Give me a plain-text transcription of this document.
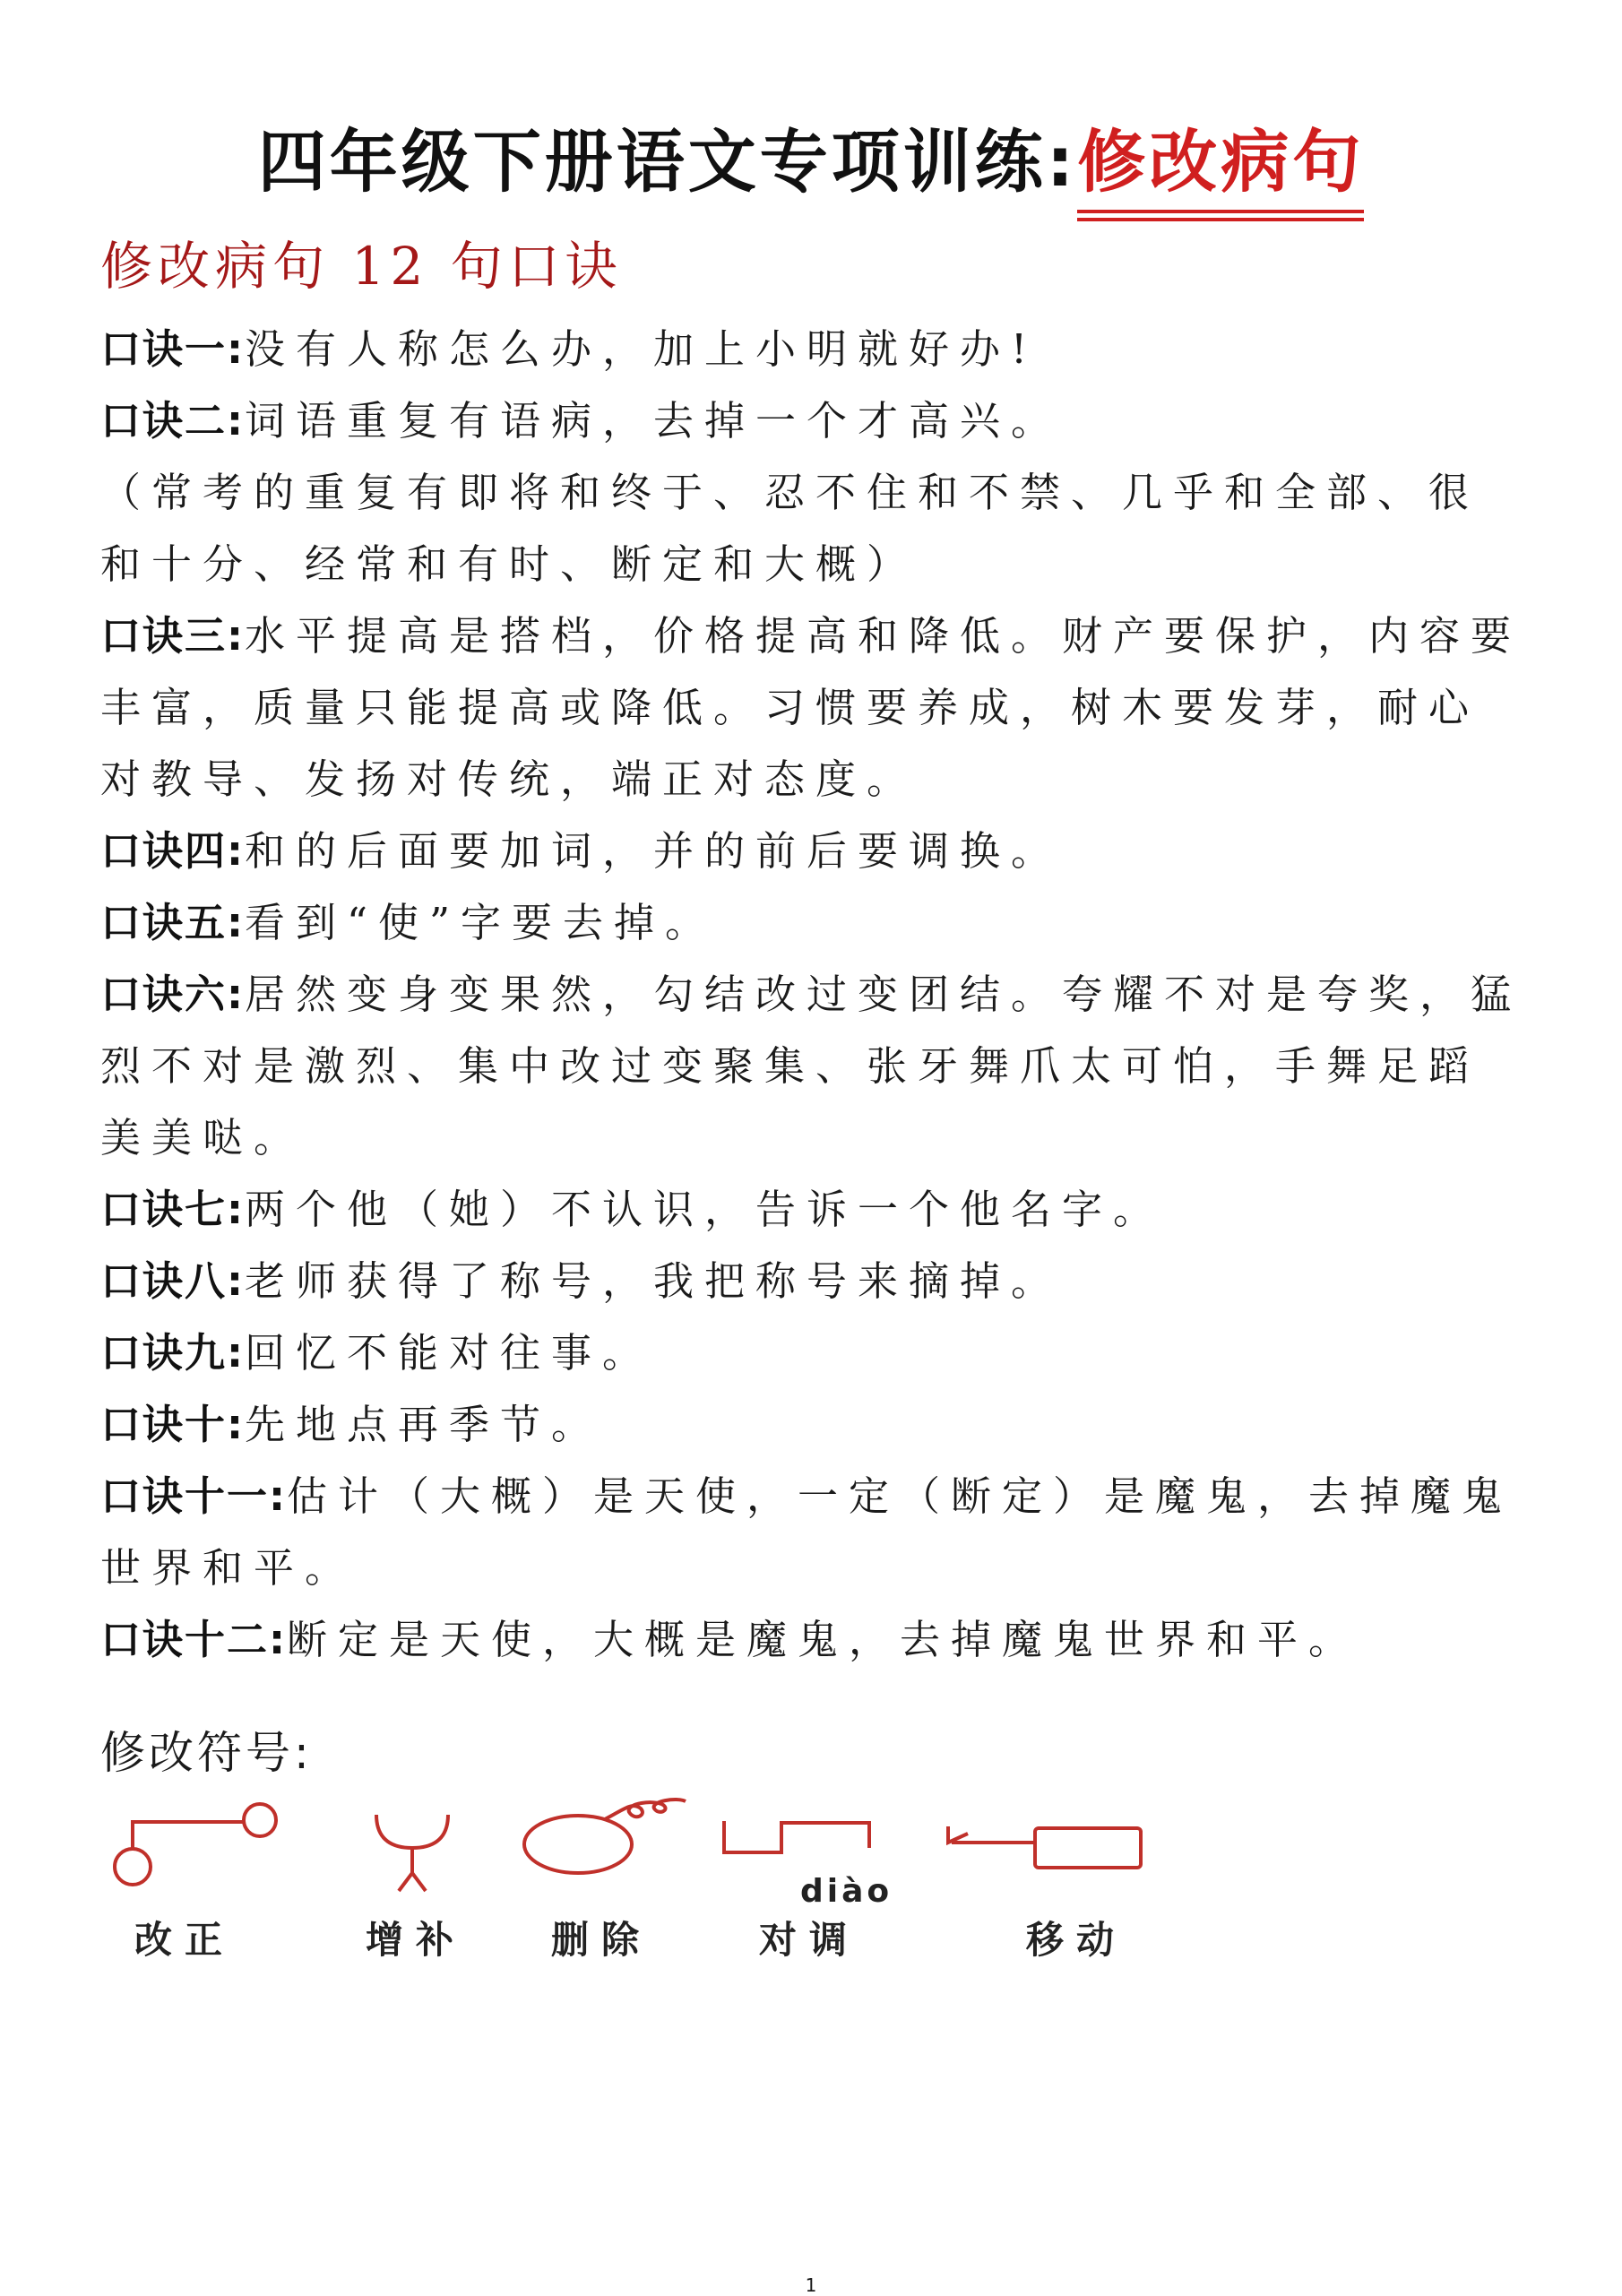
四年级下册语文专项训练:修改病句
修改病句 12 句口诀

口诀一:没有人称怎么办，加上小明就好办!

口诀二:词语重复有语病，去掉一个才高兴。

（常考的重复有即将和终于、忍不住和不禁、几乎和全部、很和十分、经常和有时、断定和大概）

口诀三:水平提高是搭档，价格提高和降低。财产要保护，内容要丰富，质量只能提高或降低。习惯要养成，树木要发芽，耐心对教导、发扬对传统，端正对态度。

口诀四:和的后面要加词，并的前后要调换。

口诀五:看到“使”字要去掉。

口诀六:居然变身变果然，勾结改过变团结。夸耀不对是夸奖，猛烈不对是激烈、集中改过变聚集、张牙舞爪太可怕，手舞足蹈美美哒。

口诀七:两个他（她）不认识，告诉一个他名字。

口诀八:老师获得了称号，我把称号来摘掉。

口诀九:回忆不能对往事。

口诀十:先地点再季节。

口诀十一:估计（大概）是天使，一定（断定）是魔鬼，去掉魔鬼世界和平。

口诀十二:断定是天使，大概是魔鬼，去掉魔鬼世界和平。

修改符号:
改正	增补 删除
diào
对调	移动
1
